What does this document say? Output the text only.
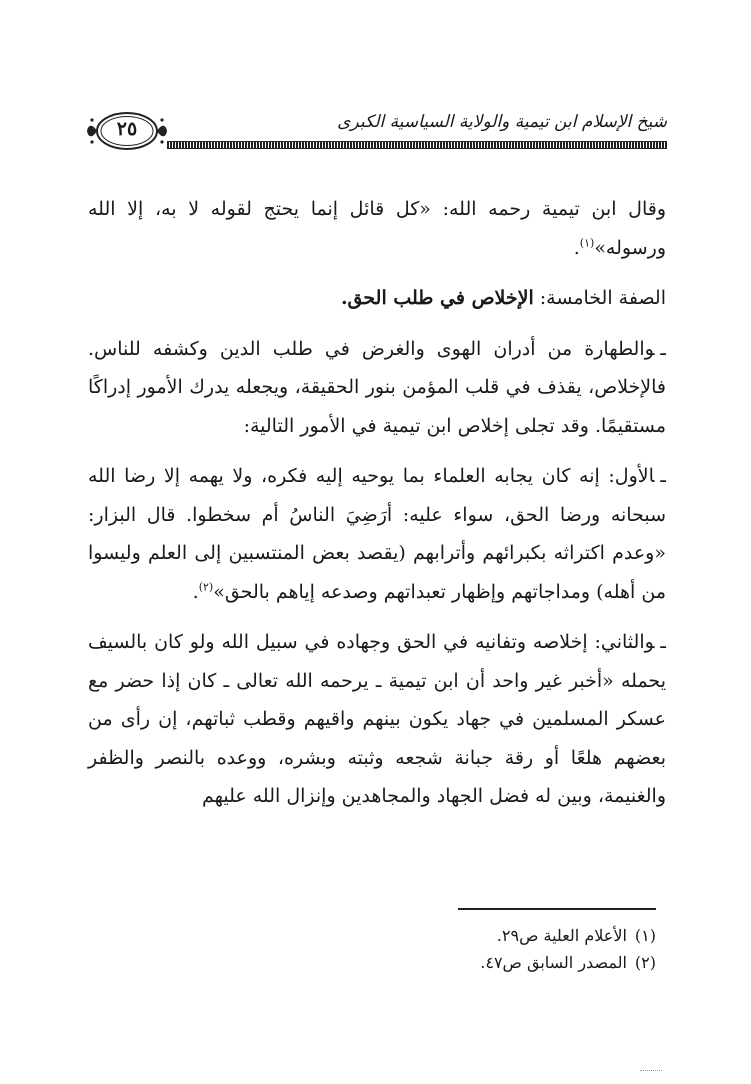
شيخ الإسلام ابن تيمية والولاية السياسية الكبرى
٢٥

وقال ابن تيمية رحمه الله: «كل قائل إنما يحتج لقوله لا به، إلا الله ورسوله»$^{(١)}$.

الصفة الخامسة: الإخلاص في طلب الحق.

ـوالطهارة من أدران الهوى والغرض في طلب الدين وكشفه للناس. فالإخلاص، يقذف في قلب المؤمن بنور الحقيقة، ويجعله يدرك الأمور إدراكًا مستقيمًا. وقد تجلى إخلاص ابن تيمية في الأمور التالية:

ـالأول: إنه كان يجابه العلماء بما يوحيه إليه فكره، ولا يهمه إلا رضا الله سبحانه ورضا الحق، سواء عليه: أرَضِيَ الناسُ أم سخطوا. قال البزار: «وعدم اكتراثه بكبرائهم وأترابهم (يقصد بعض المنتسبين إلى العلم وليسوا من أهله) ومداجاتهم وإظهار تعبداتهم وصدعه إياهم بالحق»$^{(٢)}$.

ـوالثاني: إخلاصه وتفانيه في الحق وجهاده في سبيل الله ولو كان بالسيف يحمله «أخبر غير واحد أن ابن تيمية ـ يرحمه الله تعالى ـ كان إذا حضر مع عسكر المسلمين في جهاد يكون بينهم واقيهم وقطب ثباتهم، إن رأى من بعضهم هلعًا أو رقة جبانة شجعه وثبته وبشره، ووعده بالنصر والظفر والغنيمة، وبين له فضل الجهاد والمجاهدين وإنزال الله عليهم

(١)الأعلام العلية ص٢٩.
(٢)المصدر السابق ص٤٧.
